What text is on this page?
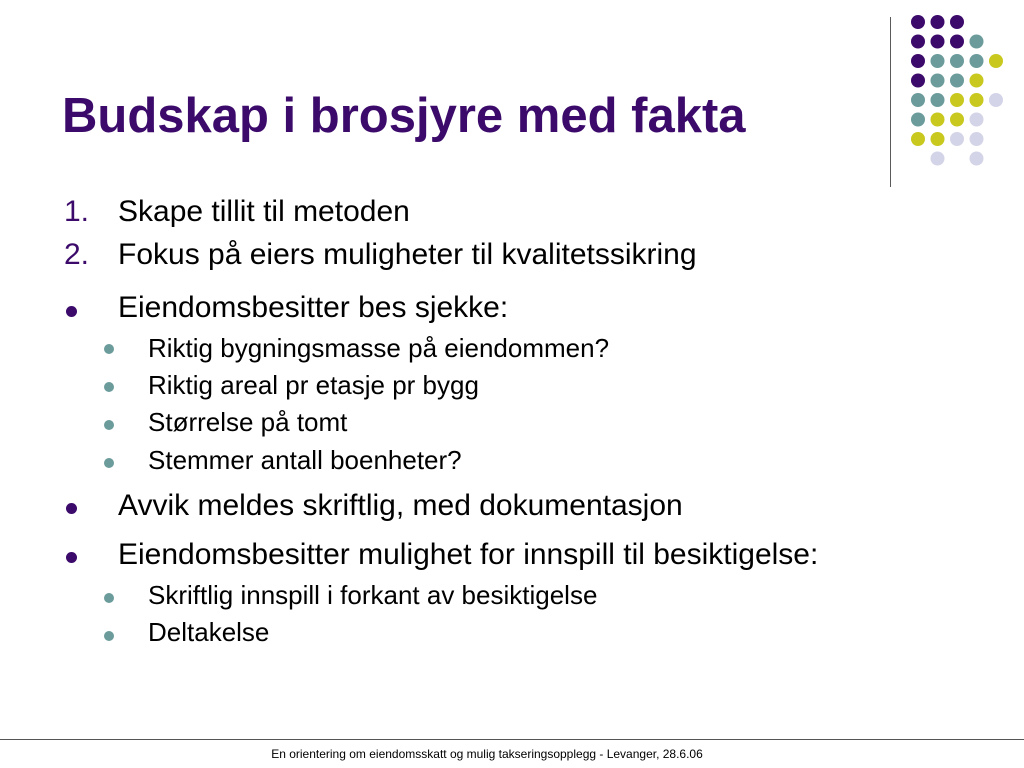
Budskap i brosjyre med fakta
1. Skape tillit til metoden
2. Fokus på eiers muligheter til kvalitetssikring
Eiendomsbesitter bes sjekke:
Riktig bygningsmasse på eiendommen?
Riktig areal pr etasje pr bygg
Størrelse på tomt
Stemmer antall boenheter?
Avvik meldes skriftlig, med dokumentasjon
Eiendomsbesitter mulighet for innspill til besiktigelse:
Skriftlig innspill i forkant av besiktigelse
Deltakelse
En orientering om eiendomsskatt og mulig takseringsopplegg - Levanger, 28.6.06
